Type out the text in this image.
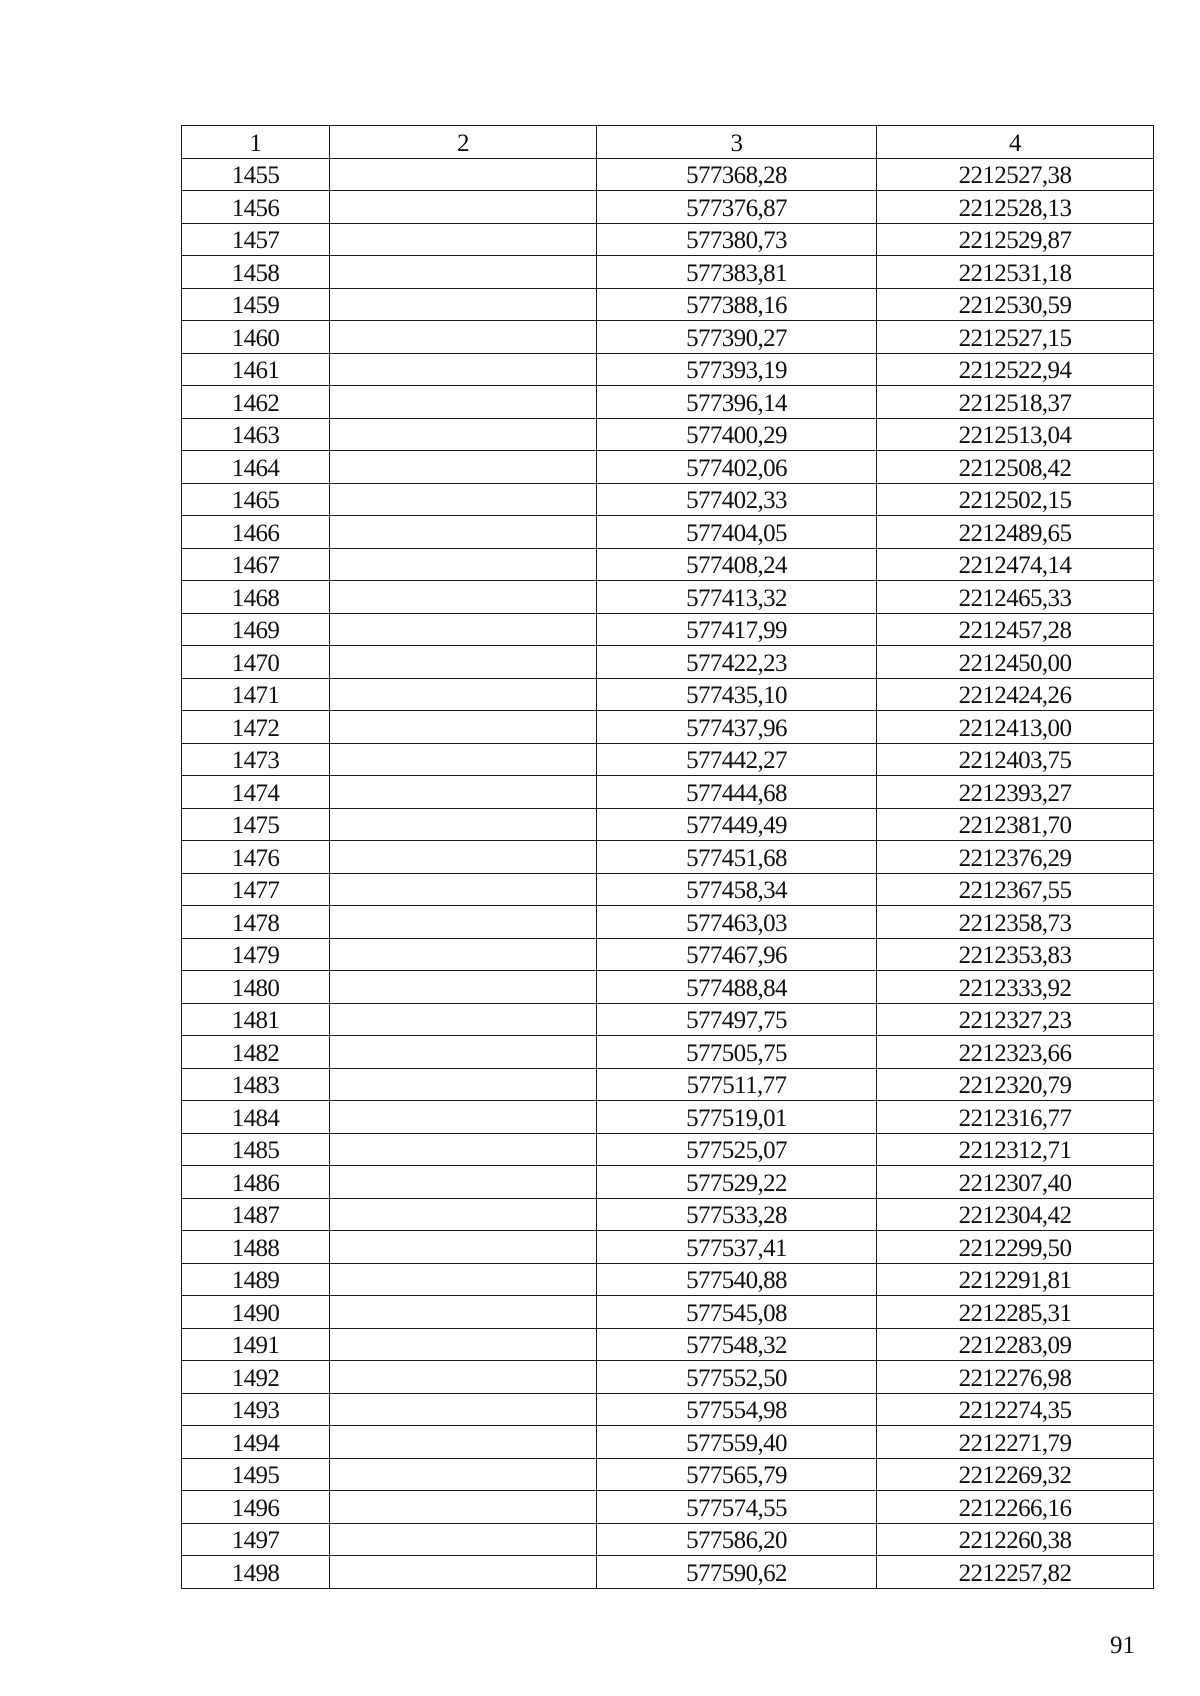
1	2	3	4
1455		577368,28	2212527,38
1456		577376,87	2212528,13
1457		577380,73	2212529,87
1458		577383,81	2212531,18
1459		577388,16	2212530,59
1460		577390,27	2212527,15
1461		577393,19	2212522,94
1462		577396,14	2212518,37
1463		577400,29	2212513,04
1464		577402,06	2212508,42
1465		577402,33	2212502,15
1466		577404,05	2212489,65
1467		577408,24	2212474,14
1468		577413,32	2212465,33
1469		577417,99	2212457,28
1470		577422,23	2212450,00
1471		577435,10	2212424,26
1472		577437,96	2212413,00
1473		577442,27	2212403,75
1474		577444,68	2212393,27
1475		577449,49	2212381,70
1476		577451,68	2212376,29
1477		577458,34	2212367,55
1478		577463,03	2212358,73
1479		577467,96	2212353,83
1480		577488,84	2212333,92
1481		577497,75	2212327,23
1482		577505,75	2212323,66
1483		577511,77	2212320,79
1484		577519,01	2212316,77
1485		577525,07	2212312,71
1486		577529,22	2212307,40
1487		577533,28	2212304,42
1488		577537,41	2212299,50
1489		577540,88	2212291,81
1490		577545,08	2212285,31
1491		577548,32	2212283,09
1492		577552,50	2212276,98
1493		577554,98	2212274,35
1494		577559,40	2212271,79
1495		577565,79	2212269,32
1496		577574,55	2212266,16
1497		577586,20	2212260,38
1498		577590,62	2212257,82
91
